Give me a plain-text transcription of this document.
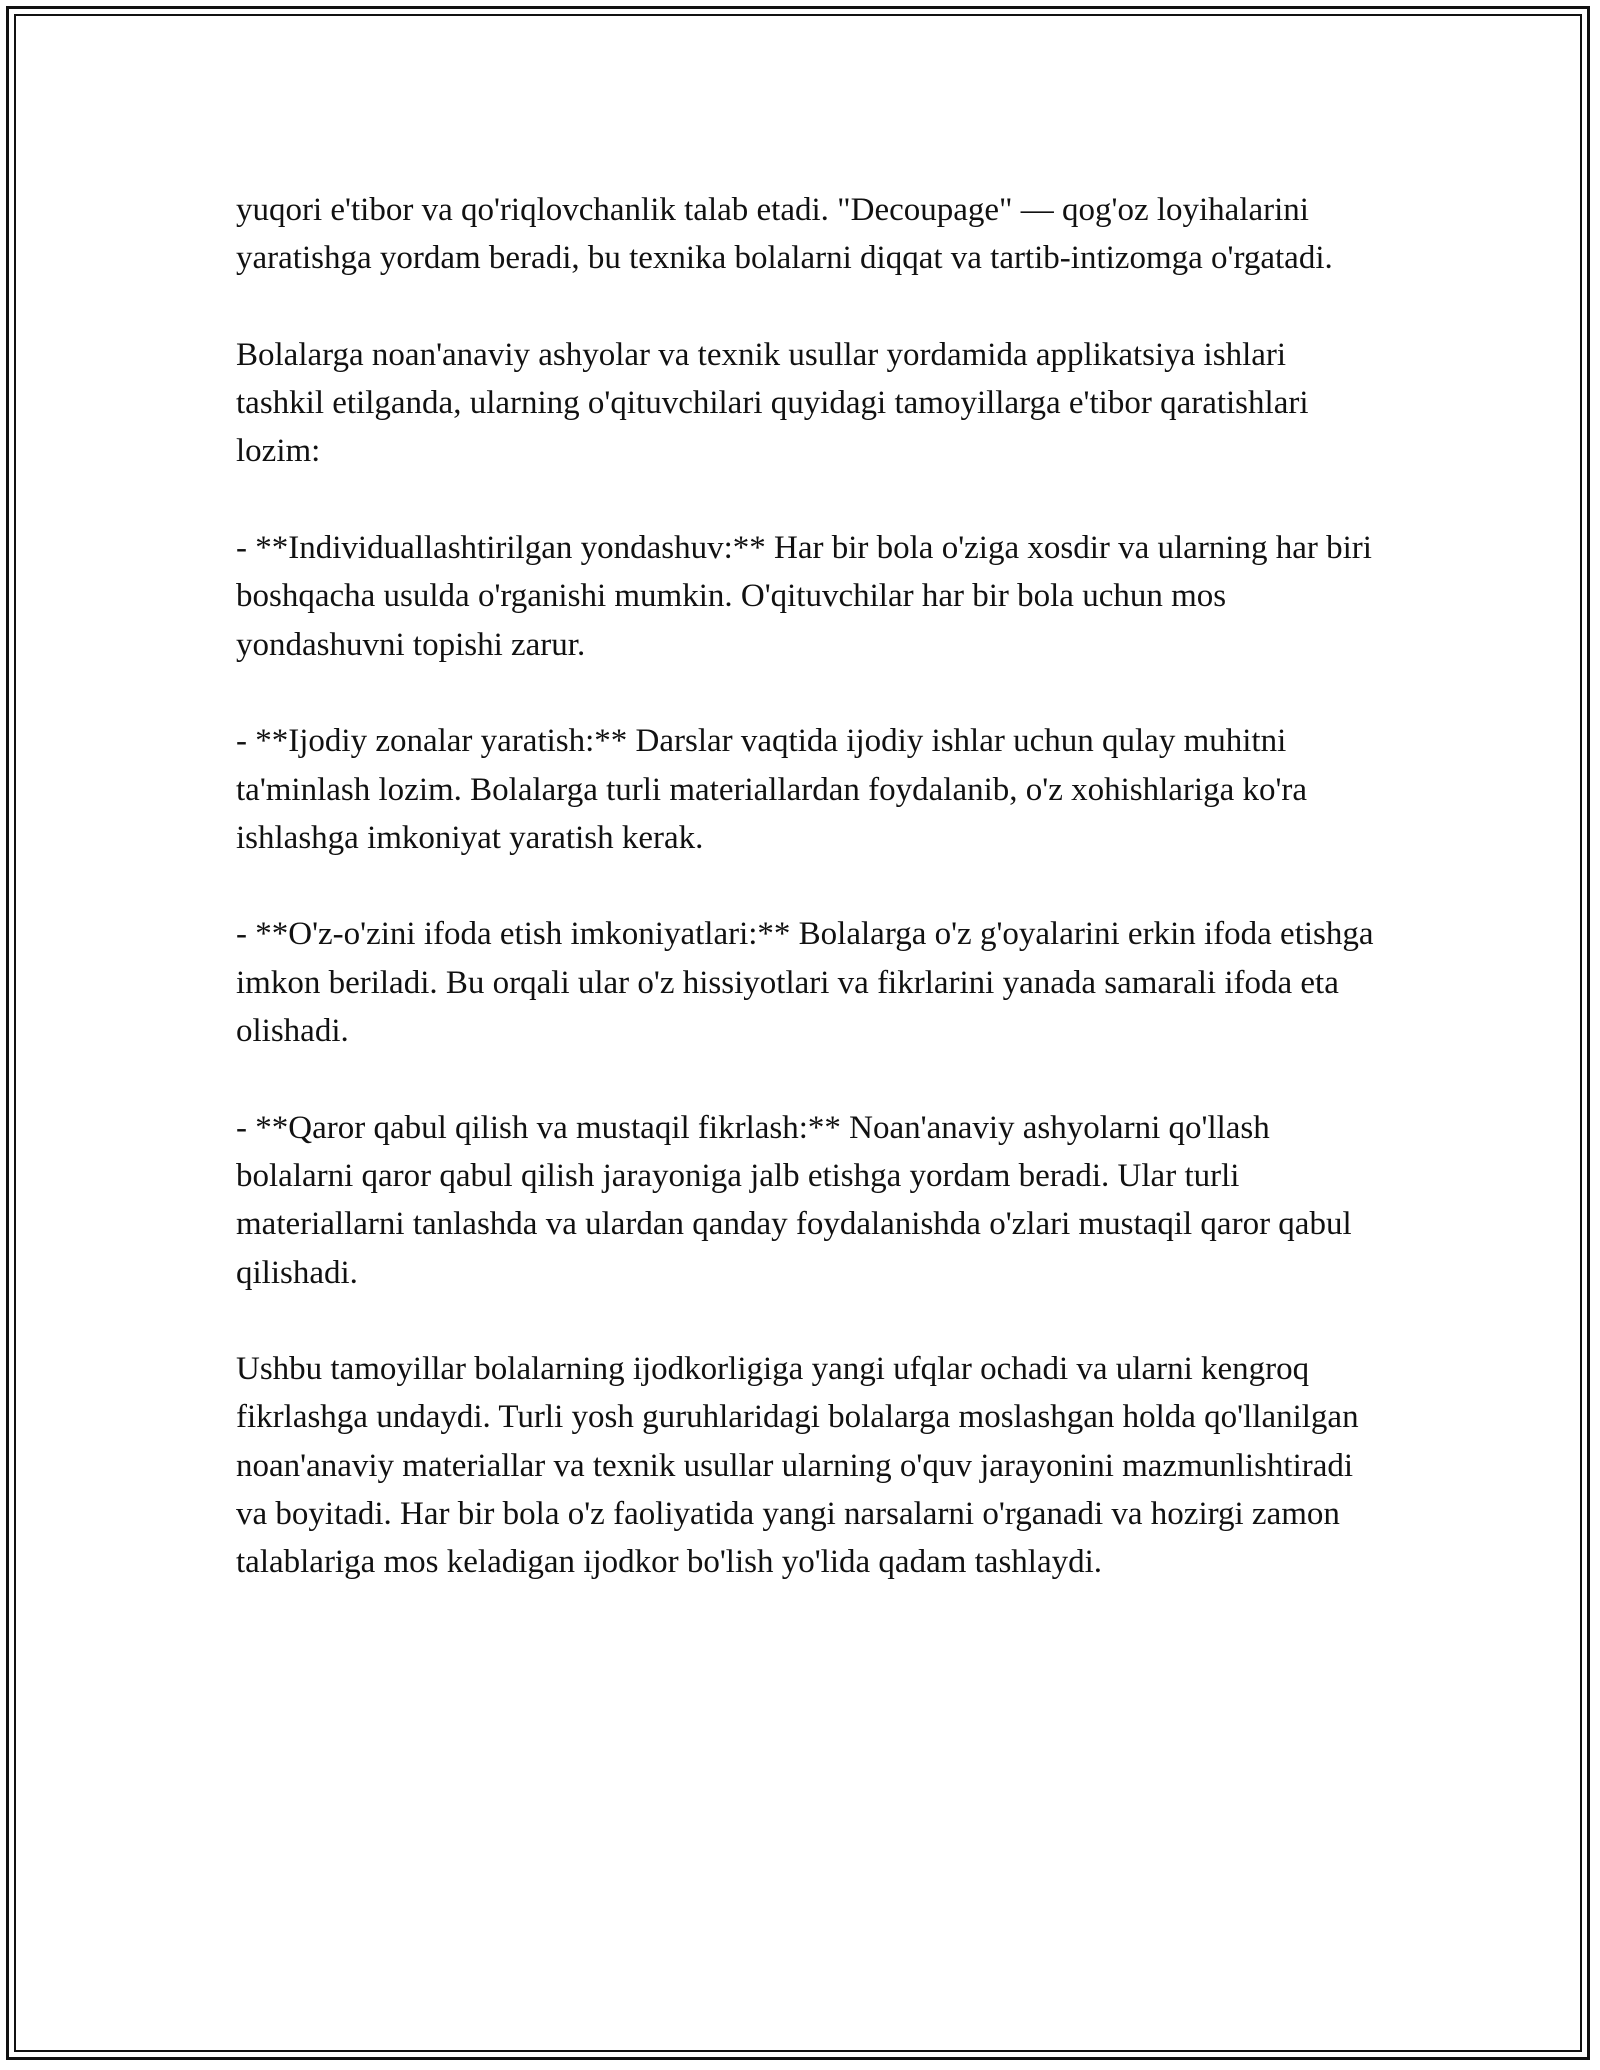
yuqori e'tibor va qo'riqlovchanlik talab etadi. "Decoupage" — qog'oz loyihalarini yaratishga yordam beradi, bu texnika bolalarni diqqat va tartib-intizomga o'rgatadi.

Bolalarga noan'anaviy ashyolar va texnik usullar yordamida applikatsiya ishlari tashkil etilganda, ularning o'qituvchilari quyidagi tamoyillarga e'tibor qaratishlari lozim:

- **Individuallashtirilgan yondashuv:** Har bir bola o'ziga xosdir va ularning har biri boshqacha usulda o'rganishi mumkin. O'qituvchilar har bir bola uchun mos yondashuvni topishi zarur.

- **Ijodiy zonalar yaratish:** Darslar vaqtida ijodiy ishlar uchun qulay muhitni ta'minlash lozim. Bolalarga turli materiallardan foydalanib, o'z xohishlariga ko'ra ishlashga imkoniyat yaratish kerak.

- **O'z-o'zini ifoda etish imkoniyatlari:** Bolalarga o'z g'oyalarini erkin ifoda etishga imkon beriladi. Bu orqali ular o'z hissiyotlari va fikrlarini yanada samarali ifoda eta olishadi.

- **Qaror qabul qilish va mustaqil fikrlash:** Noan'anaviy ashyolarni qo'llash bolalarni qaror qabul qilish jarayoniga jalb etishga yordam beradi. Ular turli materiallarni tanlashda va ulardan qanday foydalanishda o'zlari mustaqil qaror qabul qilishadi.

Ushbu tamoyillar bolalarning ijodkorligiga yangi ufqlar ochadi va ularni kengroq fikrlashga undaydi. Turli yosh guruhlaridagi bolalarga moslashgan holda qo'llanilgan noan'anaviy materiallar va texnik usullar ularning o'quv jarayonini mazmunlishtiradi va boyitadi. Har bir bola o'z faoliyatida yangi narsalarni o'rganadi va hozirgi zamon talablariga mos keladigan ijodkor bo'lish yo'lida qadam tashlaydi.
